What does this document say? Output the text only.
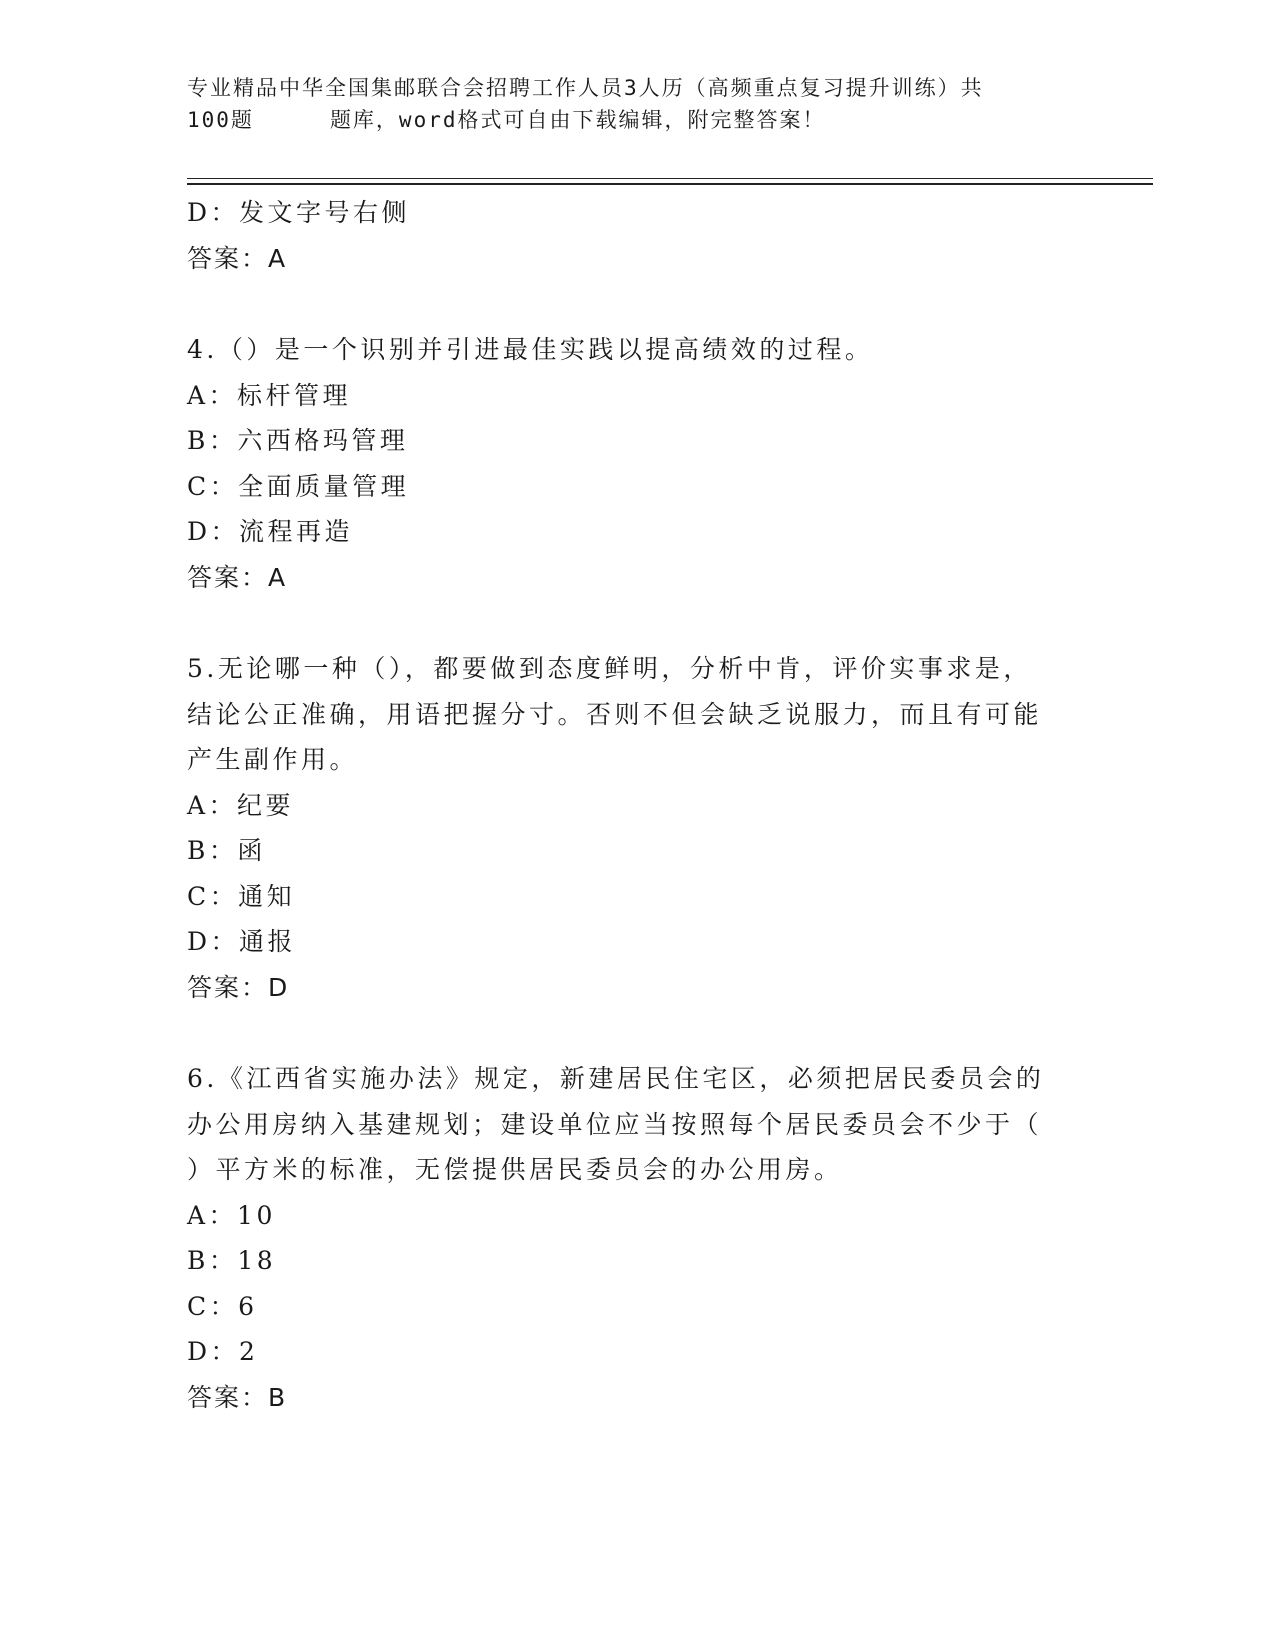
专业精品中华全国集邮联合会招聘工作人员3人历（高频重点复习提升训练）共
100题	题库，word格式可自由下载编辑，附完整答案！
D：发文字号右侧
答案：A
4.（）是一个识别并引进最佳实践以提高绩效的过程。
A：标杆管理
B：六西格玛管理
C：全面质量管理
D：流程再造
答案：A
5.无论哪一种（），都要做到态度鲜明，分析中肯，评价实事求是，
结论公正准确，用语把握分寸。否则不但会缺乏说服力，而且有可能
产生副作用。
A：纪要
B：函
C：通知
D：通报
答案：D
6.《江西省实施办法》规定，新建居民住宅区，必须把居民委员会的
办公用房纳入基建规划；建设单位应当按照每个居民委员会不少于（
）平方米的标准，无偿提供居民委员会的办公用房。
A：10
B：18
C：6
D：2
答案：B
